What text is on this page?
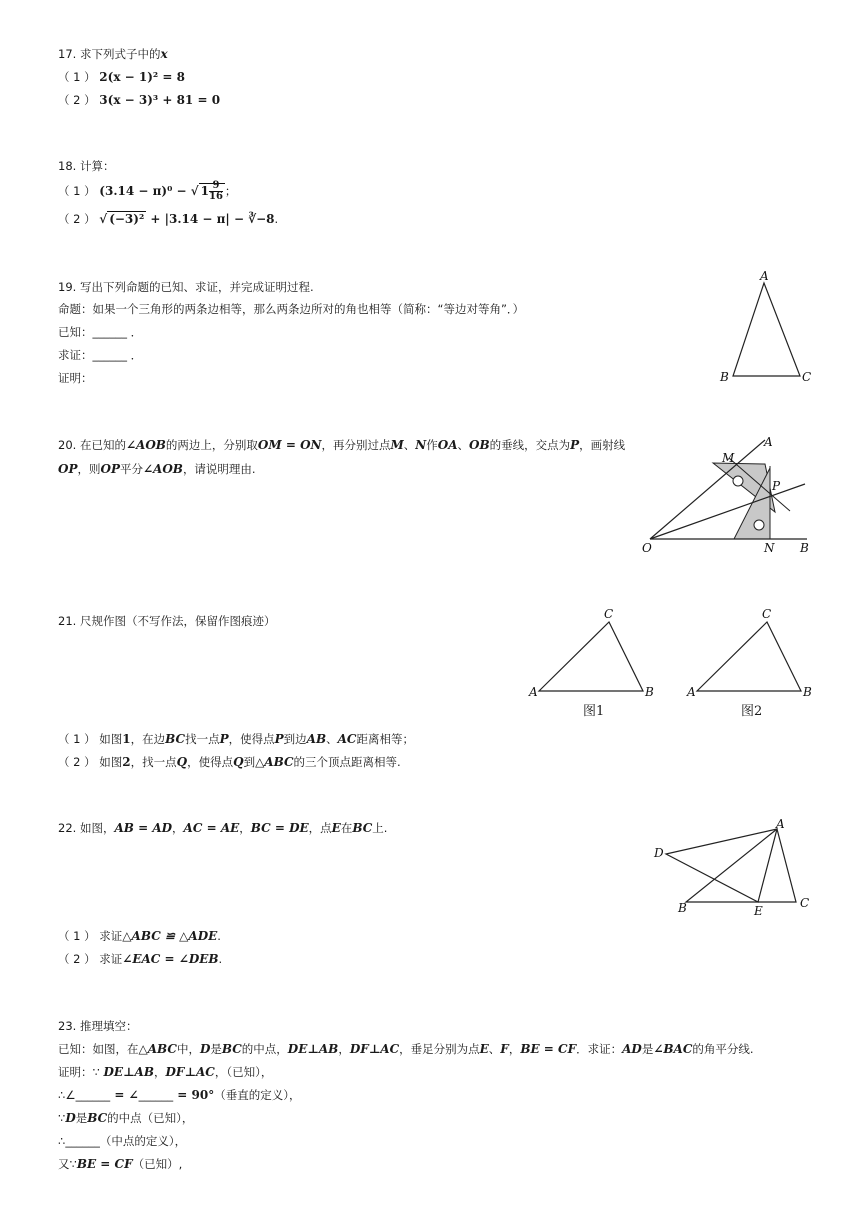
17. 求下列式子中的x
（ 1 ） 2(x − 1)² = 8
（ 2 ） 3(x − 3)³ + 81 = 0
18. 计算：
（ 1 ） (3.14 − π)⁰ − √ $1 \frac{9}{16}$ ；
（ 2 ） √ (−3)² + |3.14 − π| − ∛−8.
19. 写出下列命题的已知、求证，并完成证明过程.
命题：如果一个三角形的两条边相等，那么两条边所对的角也相等（简称：“等边对等角”．）
已知：______ ．
求证：______ ．
证明：
A
B	C
20. 在已知的∠AOB的两边上，分别取OM = ON，再分别过点M、N作OA、OB的垂线，交点为P，画射线
OP，则OP平分∠AOB，请说明理由.
A
M
P
O	N B
21. 尺规作图（不写作法，保留作图痕迹）	C
A	B
图1
C
A	B
图2
（ 1 ） 如图1，在边BC找一点P，使得点P到边AB、AC距离相等；
（ 2 ） 如图2，找一点Q，使得点Q到△ABC的三个顶点距离相等.
22. 如图，AB = AD，AC = AE，BC = DE，点E在BC上.	A
D
B	E
C
（ 1 ） 求证△ABC ≌ △ADE.
（ 2 ） 求证∠EAC = ∠DEB.
23. 推理填空：
已知：如图，在△ABC中，D是BC的中点，DE⊥AB，DF⊥AC，垂足分别为点E、F，BE = CF．求证：AD是∠BAC的角平分线.
证明：∵ DE⊥AB，DF⊥AC，（已知），
∴∠______ = ∠______ = 90°（垂直的定义），
∵D是BC的中点（已知），
∴______（中点的定义），
又∵BE = CF（已知）,
